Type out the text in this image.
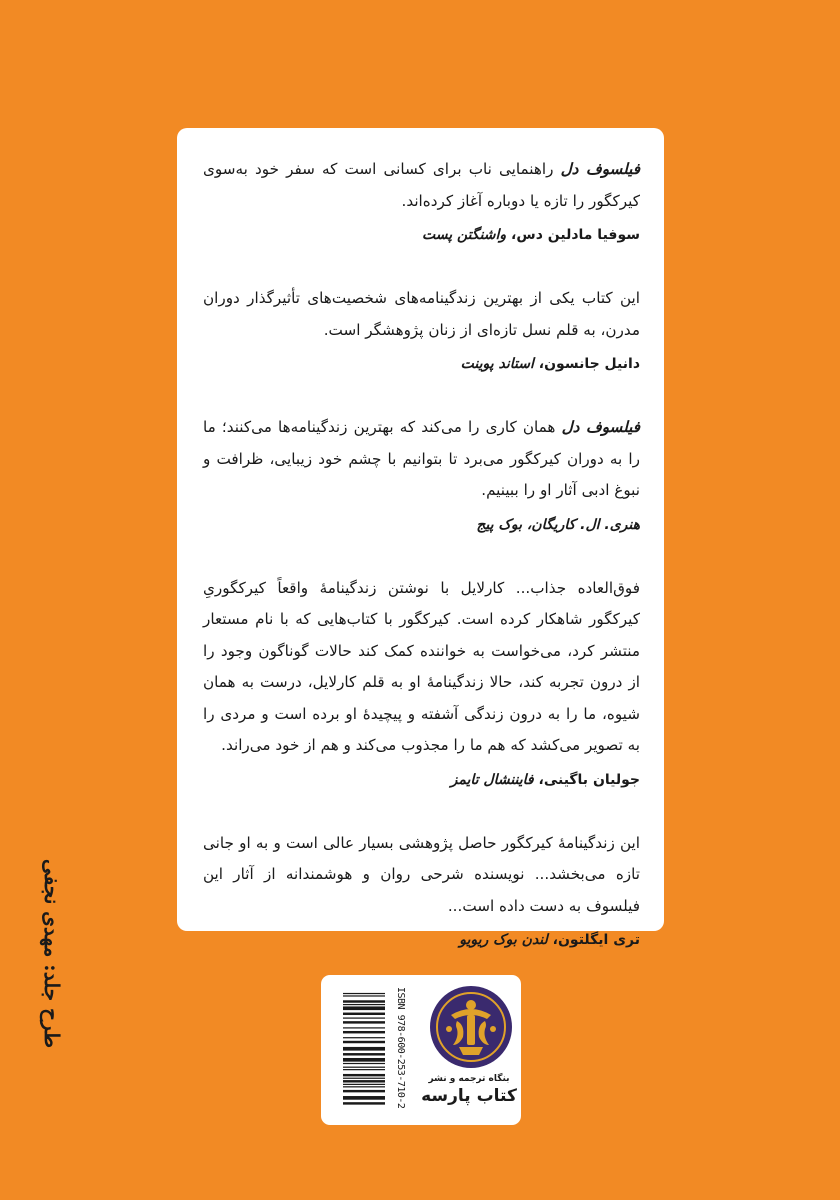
فیلسوف دل راهنمایی ناب برای کسانی است که سفر خود به‌سوی کیرکگور را تازه یا دوباره آغاز کرده‌اند.

سوفیا مادلین دس، واشنگتن پست

این کتاب یکی از بهترین زندگینامه‌های شخصیت‌های تأثیرگذار دوران مدرن، به قلم نسل تازه‌ای از زنان پژوهشگر است.

دانیل جانسون، استاند پوینت

فیلسوف دل همان کاری را می‌کند که بهترین زندگینامه‌ها می‌کنند؛ ما را به دوران کیرکگور می‌برد تا بتوانیم با چشم خود زیبایی، ظرافت و نبوغ ادبی آثار او را ببینیم.

هنری. ال. کاریگان، بوک پیج

فوق‌العاده جذاب... کارلایل با نوشتن زندگینامهٔ واقعاً کیرکگوریِ کیرکگور شاهکار کرده است. کیرکگور با کتاب‌هایی که با نام مستعار منتشر کرد، می‌خواست به خواننده کمک کند حالات گوناگون وجود را از درون تجربه کند، حالا زندگینامهٔ او به قلم کارلایل، درست به همان شیوه، ما را به درون زندگی آشفته و پیچیدهٔ او برده است و مردی را به تصویر می‌کشد که هم ما را مجذوب می‌کند و هم از خود می‌راند.

جولیان باگینی، فایننشال تایمز

این زندگینامهٔ کیرکگور حاصل پژوهشی بسیار عالی است و به او جانی تازه می‌بخشد... نویسنده شرحی روان و هوشمندانه از آثار این فیلسوف به دست داده است...

تری ایگلتون، لندن بوک ریویو
طرح جلد: مهدی نجفی	ISBN 978-600-253-710-2	بنگاه ترجمه و نشر
کتاب پارسه
